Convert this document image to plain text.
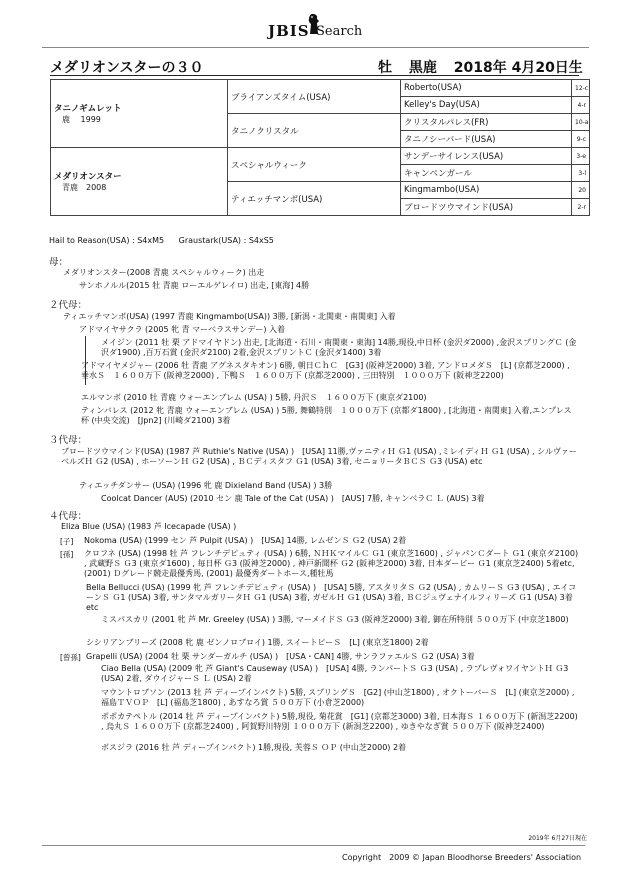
JBIS Search
メダリオンスターの３０	牡 黒鹿 2018年 4月20日生
タニノギムレット
鹿　 1999	ブライアンズタイム(USA)	Roberto(USA)	12-c
		Kelley's Day(USA)	4-r
	タニノクリスタル	クリスタルパレス(FR)	10-a
		タニノシーバード(USA)	9-c

メダリオンスター
青鹿　2008	スペシャルウィーク	サンデーサイレンス(USA)	3-e
		キャンペンガール	3-l
	ティエッチマンボ(USA)	Kingmambo(USA)	20
		ブロードツウマインド(USA)	2-r
Hail to Reason(USA) : S4xM5 Graustark(USA) : S4xS5
母：
メダリオンスター(2008 青鹿 スペシャルウィーク) 出走
サンホノルル(2015 牡 青鹿 ローエルゲレイロ) 出走, [東海] 4勝
２代母：
ティエッチマンボ(USA) (1997 青鹿 Kingmambo(USA)) 3勝, [新潟・北関東・南関東] 入着
アドマイヤサクラ (2005 牝 青 マーベラスサンデー) 入着
メイジン (2011 牡 栗 アドマイヤドン) 出走, [北海道・石川・南関東・東海] 14勝,現役,中日杯 (金沢ダ2000) ,金沢スプリングＣ (金沢ダ1900) ,百万石賞 (金沢ダ2100) 2着,金沢スプリントＣ (金沢ダ1400) 3着
アドマイヤメジャー (2006 牡 青鹿 アグネスタキオン) 6勝, 朝日ＣｈＣ　[G3] (阪神芝2000) 3着, アンドロメダＳ　[L] (京都芝2000) , 垂水Ｓ　１６００万下 (阪神芝2000) , 下鴨Ｓ　１６００万下 (京都芝2000) , 三田特別　１０００万下 (阪神芝2200)
エルマンボ (2010 牡 青鹿 ウォーエンブレム (USA) ) 5勝, 丹沢Ｓ　１６００万下 (東京ダ2100)
ティンバレス (2012 牝 青鹿 ウォーエンブレム (USA) ) 5勝, 舞鶴特別　１０００万下 (京都ダ1800) , [北海道・南関東] 入着,エンプレス杯 (中央交流)　[Jpn2] (川崎ダ2100) 3着
３代母：
ブロードツウマインド(USA) (1987 芦 Ruthie's Native (USA) )　[USA] 11勝,ヴァニティＨ Ｇ1 (USA) ,ミレイディＨ Ｇ1 (USA) , シルヴァーベルズＨ Ｇ2 (USA) , ホーソーンＨ Ｇ2 (USA) , ＢＣディスタフ Ｇ1 (USA) 3着, セニョリータＢＣＳ Ｇ3 (USA) etc
ティエッチダンサー (USA) (1996 牝 鹿 Dixieland Band (USA) ) 3勝
Coolcat Dancer (AUS) (2010 セン 鹿 Tale of the Cat (USA) )　[AUS] 7勝, キャンベラＣ Ｌ (AUS) 3着
４代母：
Eliza Blue (USA) (1983 芦 Icecapade (USA) )
[子] Nokoma (USA) (1999 セン 芦 Pulpit (USA) )　[USA] 14勝, レムゼンＳ Ｇ2 (USA) 2着
[孫] クロフネ (USA) (1998 牡 芦 フレンチデピュティ (USA) ) 6勝, ＮＨＫマイルＣ Ｇ1 (東京芝1600) , ジャパンＣダート Ｇ1 (東京ダ2100) , 武蔵野Ｓ Ｇ3 (東京ダ1600) , 毎日杯 Ｇ3 (阪神芝2000) , 神戸新聞杯 Ｇ2 (阪神芝2000) 3着, 日本ダービー Ｇ1 (東京芝2400) 5着etc, (2001) Ｄグレード競走最優秀馬, (2001) 最優秀ダートホース,種牡馬
Bella Bellucci (USA) (1999 牝 芦 フレンチデピュティ (USA) )　[USA] 5勝, アスタリタＳ Ｇ2 (USA) , カムリーＳ Ｇ3 (USA) , エイコーンＳ Ｇ1 (USA) 3着, サンタマルガリータＨ Ｇ1 (USA) 3着, ガゼルＨ Ｇ1 (USA) 3着, ＢＣジュヴェナイルフィリーズ Ｇ1 (USA) 3着etc
ミスパスカリ (2001 牝 芦 Mr. Greeley (USA) ) 3勝, マーメイドＳ Ｇ3 (阪神芝2000) 3着, 御在所特別 ５００万下 (中京芝1800)
シシリアンブリーズ (2008 牝 鹿 ゼンノロブロイ) 1勝, スイートピーＳ　[L] (東京芝1800) 2着
[曾孫] Grapelli (USA) (2004 牡 栗 サンダーガルチ (USA) )　[USA・CAN] 4勝, サンラファエルＳ Ｇ2 (USA) 3着
Ciao Bella (USA) (2009 牝 芦 Giant's Causeway (USA) )　[USA] 4勝, ランパートＳ Ｇ3 (USA) , ラプレヴォワイヤントＨ Ｇ3 (USA) 2着, ダウイジャーＳ Ｌ (USA) 2着
マウントロブソン (2013 牡 芦 ディープインパクト) 5勝, スプリングＳ　[G2] (中山芝1800) , オクトーバーＳ　[L] (東京芝2000) , 福島ＴＶＯＰ　[L] (福島芝1800) , あすなろ賞 ５００万下 (小倉芝2000)
ポポカテペトル (2014 牡 芦 ディープインパクト) 5勝,現役, 菊花賞　[G1] (京都芝3000) 3着, 日本海Ｓ １６００万下 (新潟芝2200) , 烏丸Ｓ １６００万下 (京都芝2400) , 阿賀野川特別 １０００万下 (新潟芝2200) , ゆきやなぎ賞 ５００万下 (阪神芝2400)
ボスジラ (2016 牡 芦 ディープインパクト) 1勝,現役, 芙蓉Ｓ ＯＰ (中山芝2000) 2着
2019年 6月27日現在
Copyright　2009 © Japan Bloodhorse Breeders' Association
